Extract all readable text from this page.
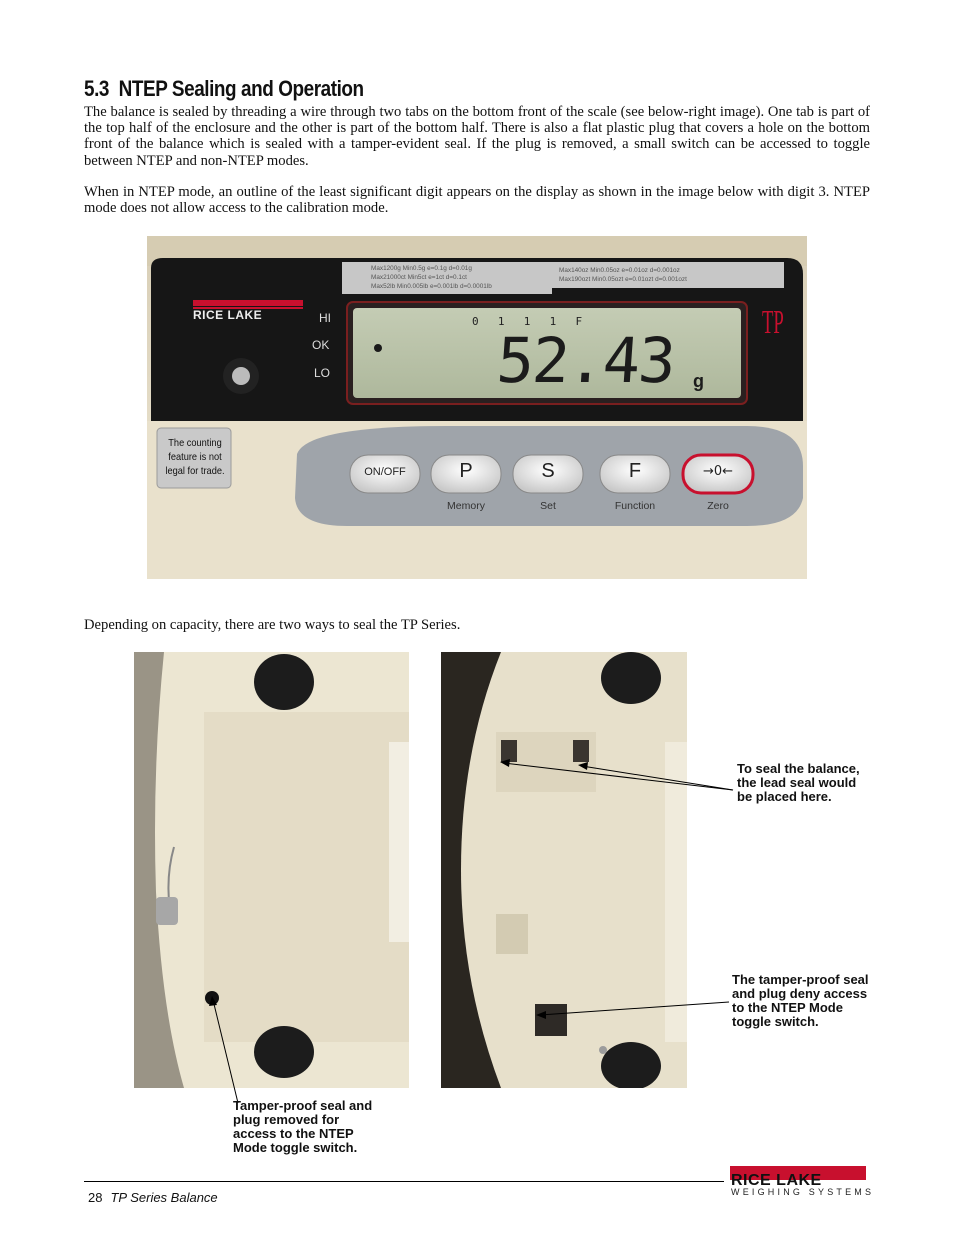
5.3 NTEP Sealing and Operation

The balance is sealed by threading a wire through two tabs on the bottom front of the scale (see below-right image). One tab is part of the top half of the enclosure and the other is part of the bottom half. There is also a flat plastic plug that covers a hole on the bottom front of the balance which is sealed with a tamper-evident seal. If the plug is removed, a small switch can be accessed to toggle between NTEP and non-NTEP modes.

When in NTEP mode, an outline of the least significant digit appears on the display as shown in the image below with digit 3. NTEP mode does not allow access to the calibration mode.

RICE LAKE	TP
HI
OK
LO
Max1200g Min0.5g e=0.1g d=0.01g
Max21000ct Min5ct e=1ct d=0.1ct
Max52lb Min0.005lb e=0.001lb d=0.0001lb
Max140oz Min0.05oz e=0.01oz d=0.001oz
Max190ozt Min0.05ozt e=0.01ozt d=0.001ozt
0  1  1  1  F
52.43 g
The counting feature is not legal for trade.	ON/OFF	P	S	F	→0←
Memory	Set	Function	Zero

Depending on capacity, there are two ways to seal the TP Series.

To seal the balance, the lead seal would be placed here.
The tamper-proof seal and plug deny access to the NTEP Mode toggle switch.
Tamper-proof seal and plug removed for access to the NTEP Mode toggle switch.
28 TP Series Balance
RICE LAKE
WEIGHING SYSTEMS
